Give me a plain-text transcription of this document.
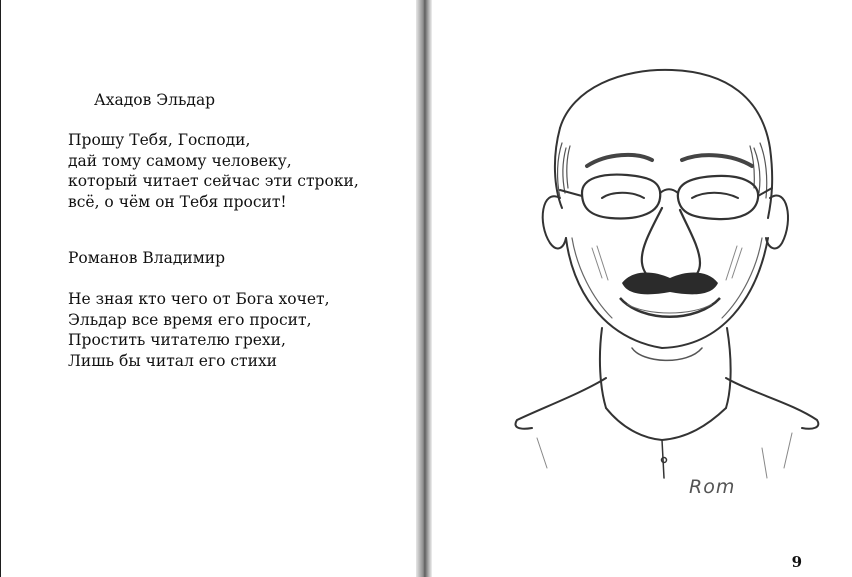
Ахадов Эльдар

Прошу Тебя, Господи,
дай тому самому человеку,
который читает сейчас эти строки,
всё, о чём он Тебя просит!

Романов Владимир

Не зная кто чего от Бога хочет,
Эльдар все время его просит,
Простить читателю грехи,
Лишь бы читал его стихи
Rom
9
